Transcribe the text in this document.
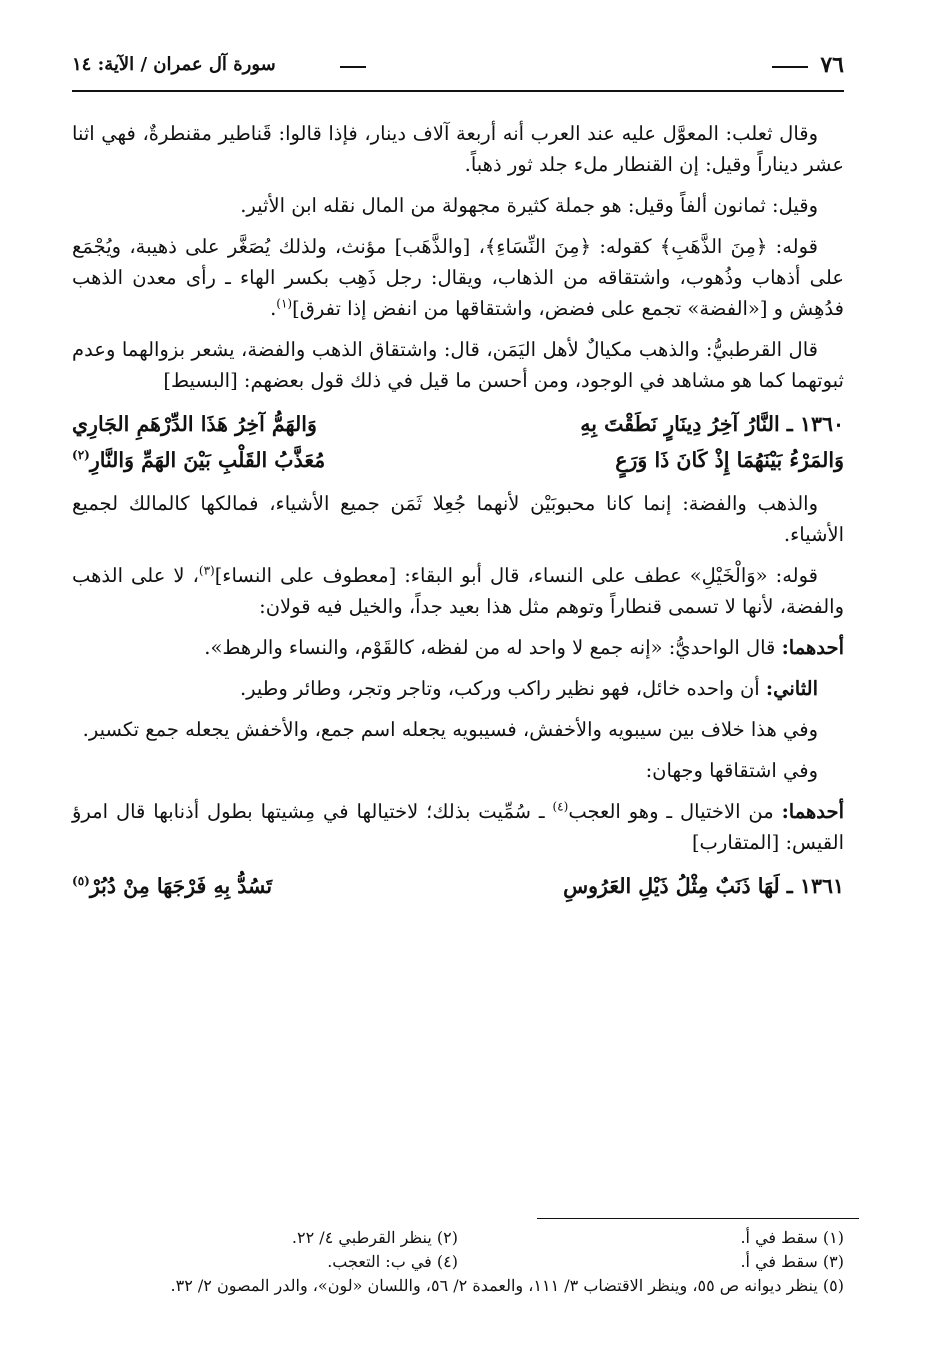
٧٦
سورة آل عمران / الآية: ١٤

وقال ثعلب: المعوَّل عليه عند العرب أنه أربعة آلاف دينار، فإذا قالوا: قَناطير مقنطرةٌ، فهي اثنا عشر ديناراً وقيل: إن القنطار ملء جلد ثور ذهباً.

وقيل: ثمانون ألفاً وقيل: هو جملة كثيرة مجهولة من المال نقله ابن الأثير.

قوله: ﴿مِنَ الذَّهَبِ﴾ كقوله: ﴿مِنَ النِّسَاءِ﴾، [والذَّهَب] مؤنث، ولذلك يُصَغَّر على ذهيبة، ويُجْمَع على أذهاب وذُهوب، واشتقاقه من الذهاب، ويقال: رجل ذَهِب بكسر الهاء ـ رأى معدن الذهب فدُهِش و [«الفضة» تجمع على فضض، واشتقاقها من انفض إذا تفرق]$^{(١)}$.

قال القرطبيُّ: والذهب مكيالٌ لأهل اليَمَن، قال: واشتقاق الذهب والفضة، يشعر بزوالهما وعدم ثبوتهما كما هو مشاهد في الوجود، ومن أحسن ما قيل في ذلك قول بعضهم: [البسيط]

١٣٦٠ ـ النَّارُ آخِرُ دِينَارٍ نَطَقْتَ بِهِ
وَالهَمُّ آخِرُ هَذَا الدِّرْهَمِ الجَارِي
وَالمَرْءُ بَيْنَهُمَا إِذْ كَانَ ذَا وَرَعٍ
مُعَذَّبُ القَلْبِ بَيْنَ الهَمِّ وَالنَّارِ$^{(٢)}$

والذهب والفضة: إنما كانا محبوبَيْن لأنهما جُعِلا ثَمَن جميع الأشياء، فمالكها كالمالك لجميع الأشياء.

قوله: «وَالْخَيْلِ» عطف على النساء، قال أبو البقاء: [معطوف على النساء]$^{(٣)}$، لا على الذهب والفضة، لأنها لا تسمى قنطاراً وتوهم مثل هذا بعيد جداً، والخيل فيه قولان:

أحدهما: قال الواحديُّ: «إنه جمع لا واحد له من لفظه، كالقَوْم، والنساء والرهط».

الثاني: أن واحده خائل، فهو نظير راكب وركب، وتاجر وتجر، وطائر وطير.

وفي هذا خلاف بين سيبويه والأخفش، فسيبويه يجعله اسم جمع، والأخفش يجعله جمع تكسير.

وفي اشتقاقها وجهان:

أحدهما: من الاختيال ـ وهو العجب$^{(٤)}$ ـ سُمِّيت بذلك؛ لاختيالها في مِشيتها بطول أذنابها قال امرؤ القيس: [المتقارب]

١٣٦١ ـ لَهَا ذَنَبٌ مِثْلُ ذَيْلِ العَرُوسِ
تَسُدُّ بِهِ فَرْجَهَا مِنْ دُبُرْ$^{(٥)}$
(١) سقط في أ.
(٢) ينظر القرطبي ٤/ ٢٢.
(٣) سقط في أ.
(٤) في ب: التعجب.
(٥) ينظر ديوانه ص ٥٥، وينظر الاقتضاب ٣/ ١١١، والعمدة ٢/ ٥٦، واللسان «لون»، والدر المصون ٢/ ٣٢.
